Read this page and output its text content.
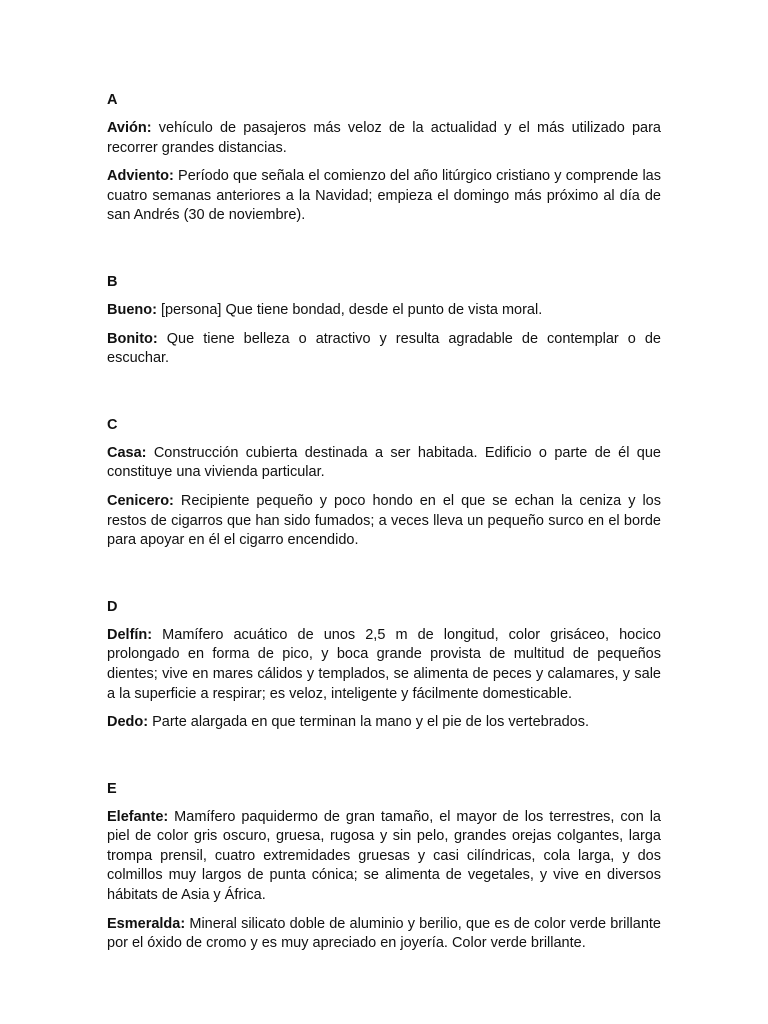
A

Avión: vehículo de pasajeros más veloz de la actualidad y el más utilizado para recorrer grandes distancias.

Adviento: Período que señala el comienzo del año litúrgico cristiano y comprende las cuatro semanas anteriores a la Navidad; empieza el domingo más próximo al día de san Andrés (30 de noviembre).

B

Bueno: [persona] Que tiene bondad, desde el punto de vista moral.

Bonito: Que tiene belleza o atractivo y resulta agradable de contemplar o de escuchar.

C

Casa: Construcción cubierta destinada a ser habitada. Edificio o parte de él que constituye una vivienda particular.

Cenicero: Recipiente pequeño y poco hondo en el que se echan la ceniza y los restos de cigarros que han sido fumados; a veces lleva un pequeño surco en el borde para apoyar en él el cigarro encendido.

D

Delfín: Mamífero acuático de unos 2,5 m de longitud, color grisáceo, hocico prolongado en forma de pico, y boca grande provista de multitud de pequeños dientes; vive en mares cálidos y templados, se alimenta de peces y calamares, y sale a la superficie a respirar; es veloz, inteligente y fácilmente domesticable.

Dedo: Parte alargada en que terminan la mano y el pie de los vertebrados.

E

Elefante: Mamífero paquidermo de gran tamaño, el mayor de los terrestres, con la piel de color gris oscuro, gruesa, rugosa y sin pelo, grandes orejas colgantes, larga trompa prensil, cuatro extremidades gruesas y casi cilíndricas, cola larga, y dos colmillos muy largos de punta cónica; se alimenta de vegetales, y vive en diversos hábitats de Asia y África.

Esmeralda: Mineral silicato doble de aluminio y berilio, que es de color verde brillante por el óxido de cromo y es muy apreciado en joyería. Color verde brillante.
